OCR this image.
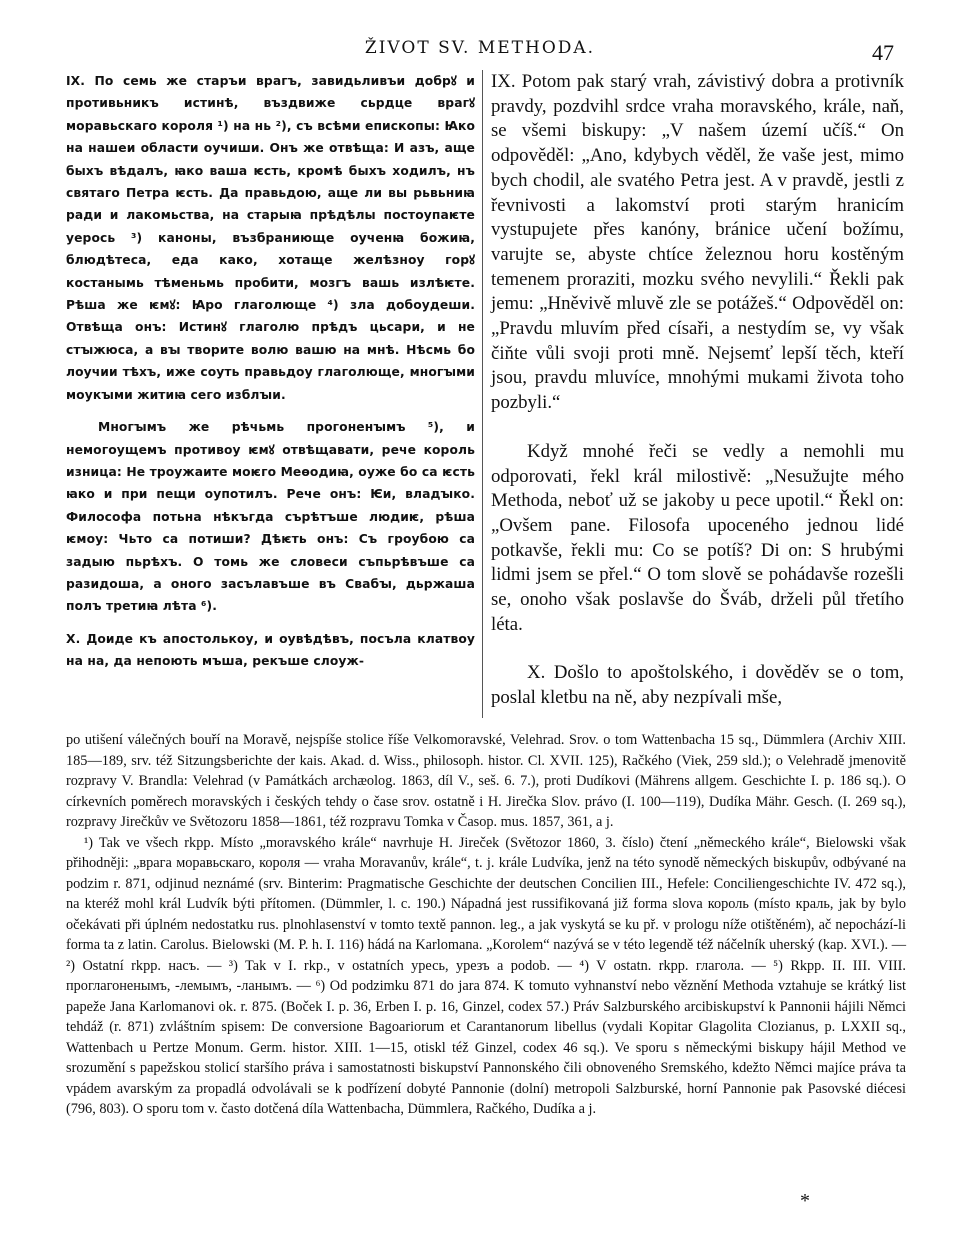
ŽIVOT SV. METHODA.	47

IX. По семь же старъи врагъ, завидьливъи добрꙋ и противьникъ истинѣ, въздвиже сьрдце врагꙋ моравьскаго короля ¹) на нь ²), съ всѣми епископы: Ꙗко на нашеи области оучиши. Онъ же отвѣща: И азъ, аще быхъ вѣдалъ, ꙗко ваша ѥсть, кромѣ быхъ ходилъ, нъ святаго Петра ѥсть. Да правьдою, аще ли вы рьвьниꙗ ради и лакомьства, на старыꙗ прѣдѣлы постоупаѥте уерось ³) каноны, възбраниюще оученꙗ божиꙗ, блюдѣтеса, еда како, хотаще желѣзноу горꙋ костанымь тѣменьмь пробити, мозгъ вашь излѣѥте. Рѣша же ѥмꙋ: Ꙗро глаголюще ⁴) зла добоудеши. Отвѣща онъ: Истинꙋ глаголю прѣдъ цьсари, и не стꙑжюса, а вꙑ творите волю вашю на мнѣ. Нѣсмь бо лоучии тѣхъ, иже соуть правьдоу глаголюще, многꙑми моукꙑми житиꙗ сего изблꙑи.

Многꙑмъ же рѣчьмь прогоненꙑмъ ⁵), и немогоущемъ противоу ѥмꙋ отвѣщавати, рече король изница: Не троужаите моѥго Меѳодиꙗ, оуже бо са ѥсть ꙗко и при пещи оупотилъ. Рече онъ: Ѥи, владꙑко. Философа потьна нѣкъгда сърѣтъше людиѥ, рѣша ѥмоу: Чьто са потиши? Дѣѥть онъ: Съ гроубою са задыю пьрѣхъ. О томь же словеси съпьрѣвъше са разидоша, а оного засълавъше въ Свабꙑ, дьржаша полъ третиꙗ лѣта ⁶).

X. Доиде къ апостолькоу, и оувѣдѣвъ, посъла клатвоу на на, да непоють мъша, рекъше слоуж-

IX. Potom pak starý vrah, závistivý dobra a protivník pravdy, pozdvihl srdce vraha moravského, krále, naň, se všemi biskupy: „V našem území učíš.“ On odpověděl: „Ano, kdybych věděl, že vaše jest, mimo bych chodil, ale svatého Petra jest. A v pravdě, jestli z řevnivosti a lakomství proti starým hranicím vystupujete přes kanóny, bránice učení božímu, varujte se, abyste chtíce železnou horu kostěným temenem proraziti, mozku svého nevylili.“ Řekli pak jemu: „Hněvivě mluvě zle se potážeš.“ Odpověděl on: „Pravdu mluvím před císaři, a nestydím se, vy však čiňte vůli svoji proti mně. Nejsemť lepší těch, kteří jsou, pravdu mluvíce, mnohými mukami života toho pozbyli.“

Když mnohé řeči se vedly a nemohli mu odporovati, řekl král milostivě: „Nesužujte mého Methoda, neboť už se jakoby u pece upotil.“ Řekl on: „Ovšem pane. Filosofa upoceného jednou lidé potkavše, řekli mu: Co se potíš? Di on: S hrubými lidmi jsem se přel.“ O tom slově se pohádavše rozešli se, onoho však poslavše do Šváb, drželi půl třetího léta.

X. Došlo to apoštolského, i dověděv se o tom, poslal kletbu na ně, aby nezpívali mše,

po utišení válečných bouří na Moravě, nejspíše stolice říše Velkomoravské, Velehrad. Srov. o tom Wattenbacha 15 sq., Dümmlera (Archiv XIII. 185—189, srv. též Sitzungsberichte der kais. Akad. d. Wiss., philosoph. histor. Cl. XVII. 125), Račkého (Viek, 259 sld.); o Velehradě jmenovitě rozpravy V. Brandla: Velehrad (v Památkách archæolog. 1863, díl V., seš. 6. 7.), proti Dudíkovi (Mährens allgem. Geschichte I. p. 186 sq.). O církevních poměrech moravských i českých tehdy o čase srov. ostatně i H. Jirečka Slov. právo (I. 100—119), Dudíka Mähr. Gesch. (I. 269 sq.), rozpravy Jirečkův ve Světozoru 1858—1861, též rozpravu Tomka v Časop. mus. 1857, 361, a j.

¹) Tak ve všech rkpp. Místo „moravského krále“ navrhuje H. Jireček (Světozor 1860, 3. číslo) čtení „německého krále“, Bielowski však přihodněji: „врага моравьскаго, короля — vraha Moravanův, krále“, t. j. krále Ludvíka, jenž na této synodě německých biskupův, odbývané na podzim r. 871, odjinud neznámé (srv. Binterim: Pragmatische Geschichte der deutschen Concilien III., Hefele: Conciliengeschichte IV. 472 sq.), na kteréž mohl král Ludvík býti přítomen. (Dümmler, l. c. 190.) Nápadná jest russifikovaná již forma slova король (místo краль, jak by bylo očekávati při úplném nedostatku rus. plnohlasenství v tomto textě pannon. leg., a jak vyskytá se ku př. v prologu níže otištěném), ač nepochází-li forma ta z latin. Carolus. Bielowski (M. P. h. I. 116) hádá na Karlomana. „Korolem“ nazývá se v této legendě též náčelník uherský (kap. XVI.). — ²) Ostatní rkpp. насъ. — ³) Tak v I. rkp., v ostatních уресь, урезъ a podob. — ⁴) V ostatn. rkpp. глагола. — ⁵) Rkpp. II. III. VIII. проглагоненымъ, -лемымъ, -ланымъ. — ⁶) Od podzimku 871 do jara 874. K tomuto vyhnanství nebo věznění Methoda vztahuje se krátký list papeže Jana Karlomanovi ok. r. 875. (Boček I. p. 36, Erben I. p. 16, Ginzel, codex 57.) Práv Salzburského arcibiskupství k Pannonii hájili Němci tehdáž (r. 871) zvláštním spisem: De conversione Bagoariorum et Carantanorum libellus (vydali Kopitar Glagolita Clozianus, p. LXXII sq., Wattenbach u Pertze Monum. Germ. histor. XIII. 1—15, otiskl též Ginzel, codex 46 sq.). Ve sporu s německými biskupy hájil Method ve srozumění s papežskou stolicí staršího práva i samostatnosti biskupství Pannonského čili obnoveného Sremského, kdežto Němci majíce práva ta vpádem avarským za propadlá odvolávali se k podřízení dobyté Pannonie (dolní) metropoli Salzburské, horní Pannonie pak Pasovské diécesi (796, 803). O sporu tom v. často dotčená díla Wattenbacha, Dümmlera, Račkého, Dudíka a j.

*
